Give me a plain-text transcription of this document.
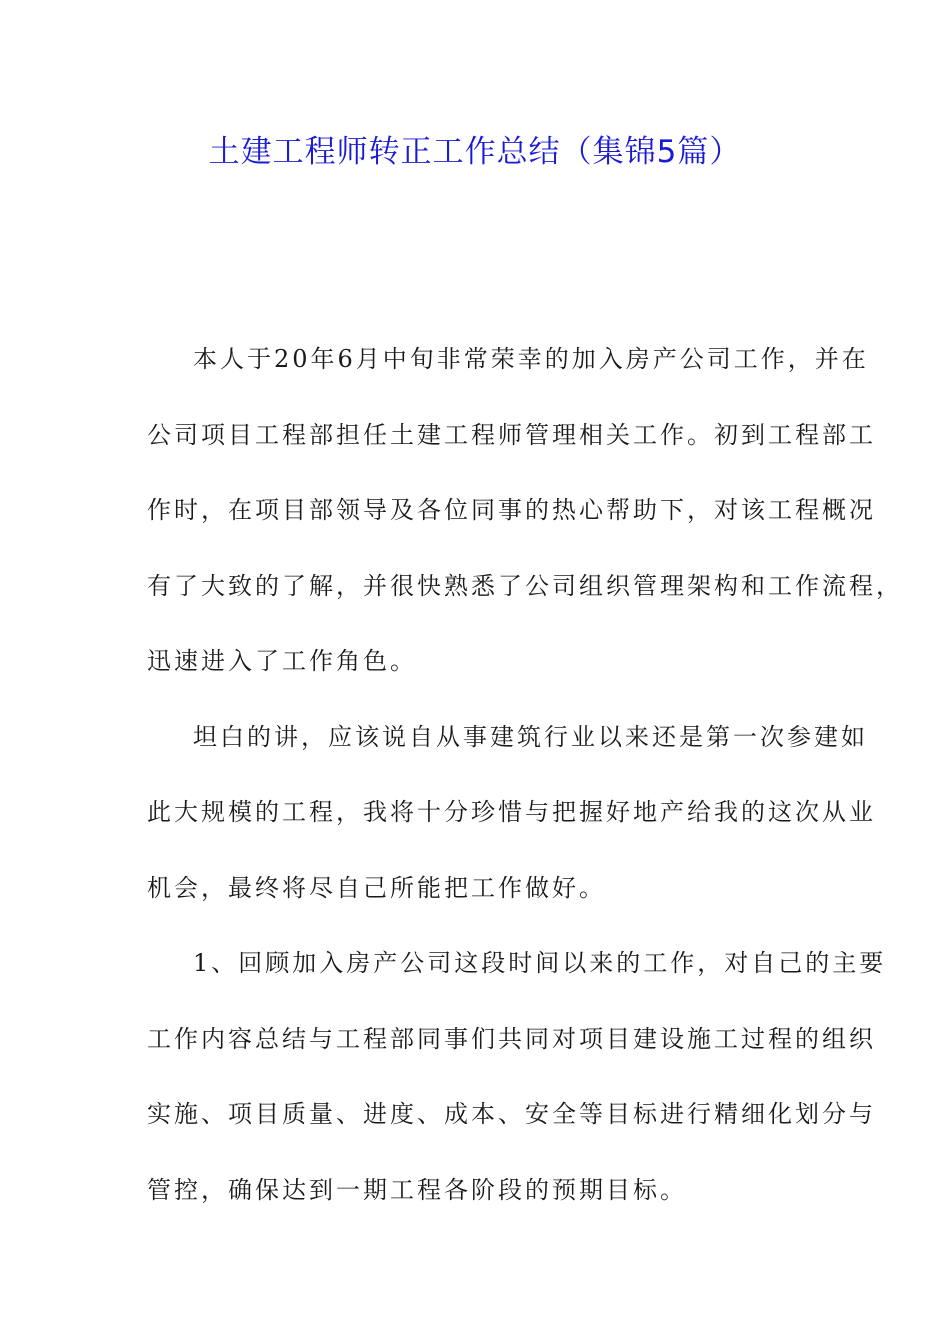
土建工程师转正工作总结（集锦5篇）

本人于20年6月中旬非常荣幸的加入房产公司工作，并在

公司项目工程部担任土建工程师管理相关工作。初到工程部工

作时，在项目部领导及各位同事的热心帮助下，对该工程概况

有了大致的了解，并很快熟悉了公司组织管理架构和工作流程，

迅速进入了工作角色。

坦白的讲，应该说自从事建筑行业以来还是第一次参建如

此大规模的工程，我将十分珍惜与把握好地产给我的这次从业

机会，最终将尽自己所能把工作做好。

1、回顾加入房产公司这段时间以来的工作，对自己的主要

工作内容总结与工程部同事们共同对项目建设施工过程的组织

实施、项目质量、进度、成本、安全等目标进行精细化划分与

管控，确保达到一期工程各阶段的预期目标。
